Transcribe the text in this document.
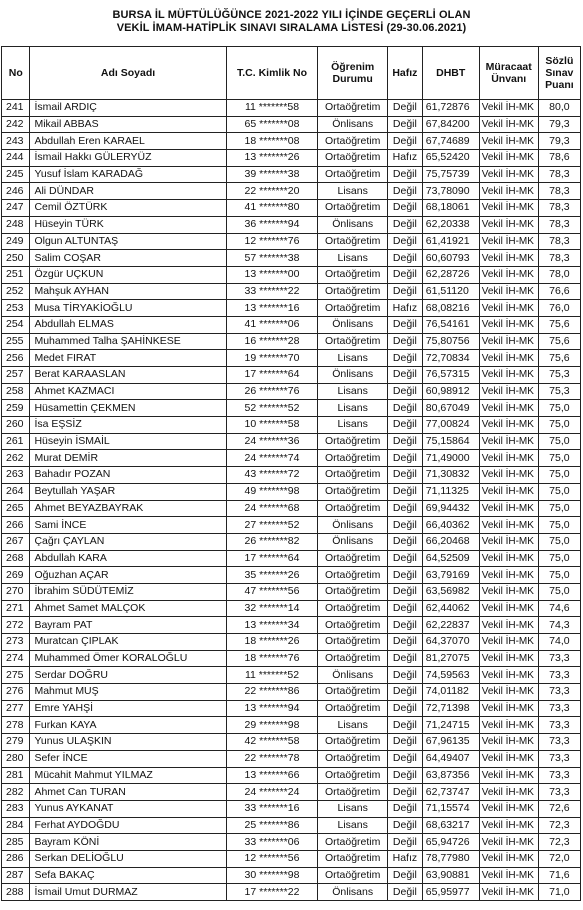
BURSA İL MÜFTÜLÜĞÜNCE 2021-2022 YILI İÇİNDE GEÇERLİ OLAN
VEKİL İMAM-HATİPLİK SINAVI SIRALAMA LİSTESİ (29-30.06.2021)
No	Adı Soyadı	T.C. Kimlik No	Öğrenim Durumu	Hafız	DHBT	Müracaat Ünvanı	Sözlü Sınav Puanı
241	İsmail ARDIÇ	11 *******58	Ortaöğretim	Değil	61,72876	Vekil İH-MK	80,0
242	Mikail ABBAS	65 *******08	Önlisans	Değil	67,84200	Vekil İH-MK	79,3
243	Abdullah Eren KARAEL	18 *******08	Ortaöğretim	Değil	67,74689	Vekil İH-MK	79,3
244	İsmail Hakkı GÜLERYÜZ	13 *******26	Ortaöğretim	Hafız	65,52420	Vekil İH-MK	78,6
245	Yusuf İslam KARADAĞ	39 *******38	Ortaöğretim	Değil	75,75739	Vekil İH-MK	78,3
246	Ali DÜNDAR	22 *******20	Lisans	Değil	73,78090	Vekil İH-MK	78,3
247	Cemil ÖZTÜRK	41 *******80	Ortaöğretim	Değil	68,18061	Vekil İH-MK	78,3
248	Hüseyin TÜRK	36 *******94	Önlisans	Değil	62,20338	Vekil İH-MK	78,3
249	Olgun ALTUNTAŞ	12 *******76	Ortaöğretim	Değil	61,41921	Vekil İH-MK	78,3
250	Salim COŞAR	57 *******38	Lisans	Değil	60,60793	Vekil İH-MK	78,3
251	Özgür UÇKUN	13 *******00	Ortaöğretim	Değil	62,28726	Vekil İH-MK	78,0
252	Mahşuk AYHAN	33 *******22	Ortaöğretim	Değil	61,51120	Vekil İH-MK	76,6
253	Musa TİRYAKİOĞLU	13 *******16	Ortaöğretim	Hafız	68,08216	Vekil İH-MK	76,0
254	Abdullah ELMAS	41 *******06	Önlisans	Değil	76,54161	Vekil İH-MK	75,6
255	Muhammed Talha ŞAHİNKESE	16 *******28	Ortaöğretim	Değil	75,80756	Vekil İH-MK	75,6
256	Medet FIRAT	19 *******70	Lisans	Değil	72,70834	Vekil İH-MK	75,6
257	Berat KARAASLAN	17 *******64	Önlisans	Değil	76,57315	Vekil İH-MK	75,3
258	Ahmet KAZMACI	26 *******76	Lisans	Değil	60,98912	Vekil İH-MK	75,3
259	Hüsamettin ÇEKMEN	52 *******52	Lisans	Değil	80,67049	Vekil İH-MK	75,0
260	İsa EŞSİZ	10 *******58	Lisans	Değil	77,00824	Vekil İH-MK	75,0
261	Hüseyin İSMAİL	24 *******36	Ortaöğretim	Değil	75,15864	Vekil İH-MK	75,0
262	Murat DEMİR	24 *******74	Ortaöğretim	Değil	71,49000	Vekil İH-MK	75,0
263	Bahadır POZAN	43 *******72	Ortaöğretim	Değil	71,30832	Vekil İH-MK	75,0
264	Beytullah YAŞAR	49 *******98	Ortaöğretim	Değil	71,11325	Vekil İH-MK	75,0
265	Ahmet BEYAZBAYRAK	24 *******68	Ortaöğretim	Değil	69,94432	Vekil İH-MK	75,0
266	Sami İNCE	27 *******52	Önlisans	Değil	66,40362	Vekil İH-MK	75,0
267	Çağrı ÇAYLAN	26 *******82	Önlisans	Değil	66,20468	Vekil İH-MK	75,0
268	Abdullah KARA	17 *******64	Ortaöğretim	Değil	64,52509	Vekil İH-MK	75,0
269	Oğuzhan AÇAR	35 *******26	Ortaöğretim	Değil	63,79169	Vekil İH-MK	75,0
270	İbrahim SÜDÜTEMİZ	47 *******56	Ortaöğretim	Değil	63,56982	Vekil İH-MK	75,0
271	Ahmet Samet MALÇOK	32 *******14	Ortaöğretim	Değil	62,44062	Vekil İH-MK	74,6
272	Bayram PAT	13 *******34	Ortaöğretim	Değil	62,22837	Vekil İH-MK	74,3
273	Muratcan ÇIPLAK	18 *******26	Ortaöğretim	Değil	64,37070	Vekil İH-MK	74,0
274	Muhammed Ömer KORALOĞLU	18 *******76	Ortaöğretim	Değil	81,27075	Vekil İH-MK	73,3
275	Serdar DOĞRU	11 *******52	Önlisans	Değil	74,59563	Vekil İH-MK	73,3
276	Mahmut MUŞ	22 *******86	Ortaöğretim	Değil	74,01182	Vekil İH-MK	73,3
277	Emre YAHŞİ	13 *******94	Ortaöğretim	Değil	72,71398	Vekil İH-MK	73,3
278	Furkan KAYA	29 *******98	Lisans	Değil	71,24715	Vekil İH-MK	73,3
279	Yunus ULAŞKIN	42 *******58	Ortaöğretim	Değil	67,96135	Vekil İH-MK	73,3
280	Sefer İNCE	22 *******78	Ortaöğretim	Değil	64,49407	Vekil İH-MK	73,3
281	Mücahit Mahmut YILMAZ	13 *******66	Ortaöğretim	Değil	63,87356	Vekil İH-MK	73,3
282	Ahmet Can TURAN	24 *******24	Ortaöğretim	Değil	62,73747	Vekil İH-MK	73,3
283	Yunus AYKANAT	33 *******16	Lisans	Değil	71,15574	Vekil İH-MK	72,6
284	Ferhat AYDOĞDU	25 *******86	Lisans	Değil	68,63217	Vekil İH-MK	72,3
285	Bayram KÖNİ	33 *******06	Ortaöğretim	Değil	65,94726	Vekil İH-MK	72,3
286	Serkan DELİOĞLU	12 *******56	Ortaöğretim	Hafız	78,77980	Vekil İH-MK	72,0
287	Sefa BAKAÇ	30 *******98	Ortaöğretim	Değil	63,90881	Vekil İH-MK	71,6
288	İsmail Umut DURMAZ	17 *******22	Önlisans	Değil	65,95977	Vekil İH-MK	71,0
